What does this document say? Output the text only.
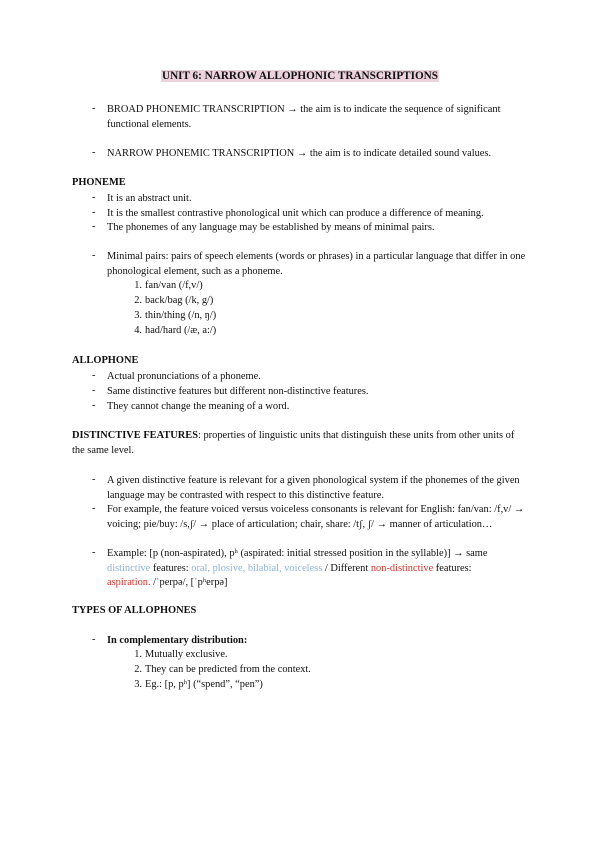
UNIT 6: NARROW ALLOPHONIC TRANSCRIPTIONS
-	BROAD PHONEMIC TRANSCRIPTION → the aim is to indicate the sequence of significant functional elements.
-	NARROW PHONEMIC TRANSCRIPTION → the aim is to indicate detailed sound values.
PHONEME
-	It is an abstract unit.
-	It is the smallest contrastive phonological unit which can produce a difference of meaning.
-	The phonemes of any language may be established by means of minimal pairs.
-	Minimal pairs: pairs of speech elements (words or phrases) in a particular language that differ in one phonological element, such as a phoneme.
1. fan/van (/f,v/)
2. back/bag (/k, g/)
3. thin/thing (/n, ŋ/)
4. had/hard (/æ, a:/)
ALLOPHONE
-	Actual pronunciations of a phoneme.
-	Same distinctive features but different non-distinctive features.
-	They cannot change the meaning of a word.
DISTINCTIVE FEATURES: properties of linguistic units that distinguish these units from other units of the same level.
-	A given distinctive feature is relevant for a given phonological system if the phonemes of the given language may be contrasted with respect to this distinctive feature.
-	For example, the feature voiced versus voiceless consonants is relevant for English: fan/van: /f,v/ → voicing; pie/buy: /s,ʃ/ → place of articulation; chair, share: /tʃ, ʃ/ → manner of articulation…
-	Example: [p (non-aspirated), pʰ (aspirated: initial stressed position in the syllable)] → same
distinctive features: oral, plosive, bilabial, voiceless / Different non-distinctive features:
aspiration. /ˈperpə/, [ˈpʰerpə]
TYPES OF ALLOPHONES
-	In complementary distribution:
1. Mutually exclusive.
2. They can be predicted from the context.
3. Eg.: [p, pʰ] (“spend”, “pen”)
